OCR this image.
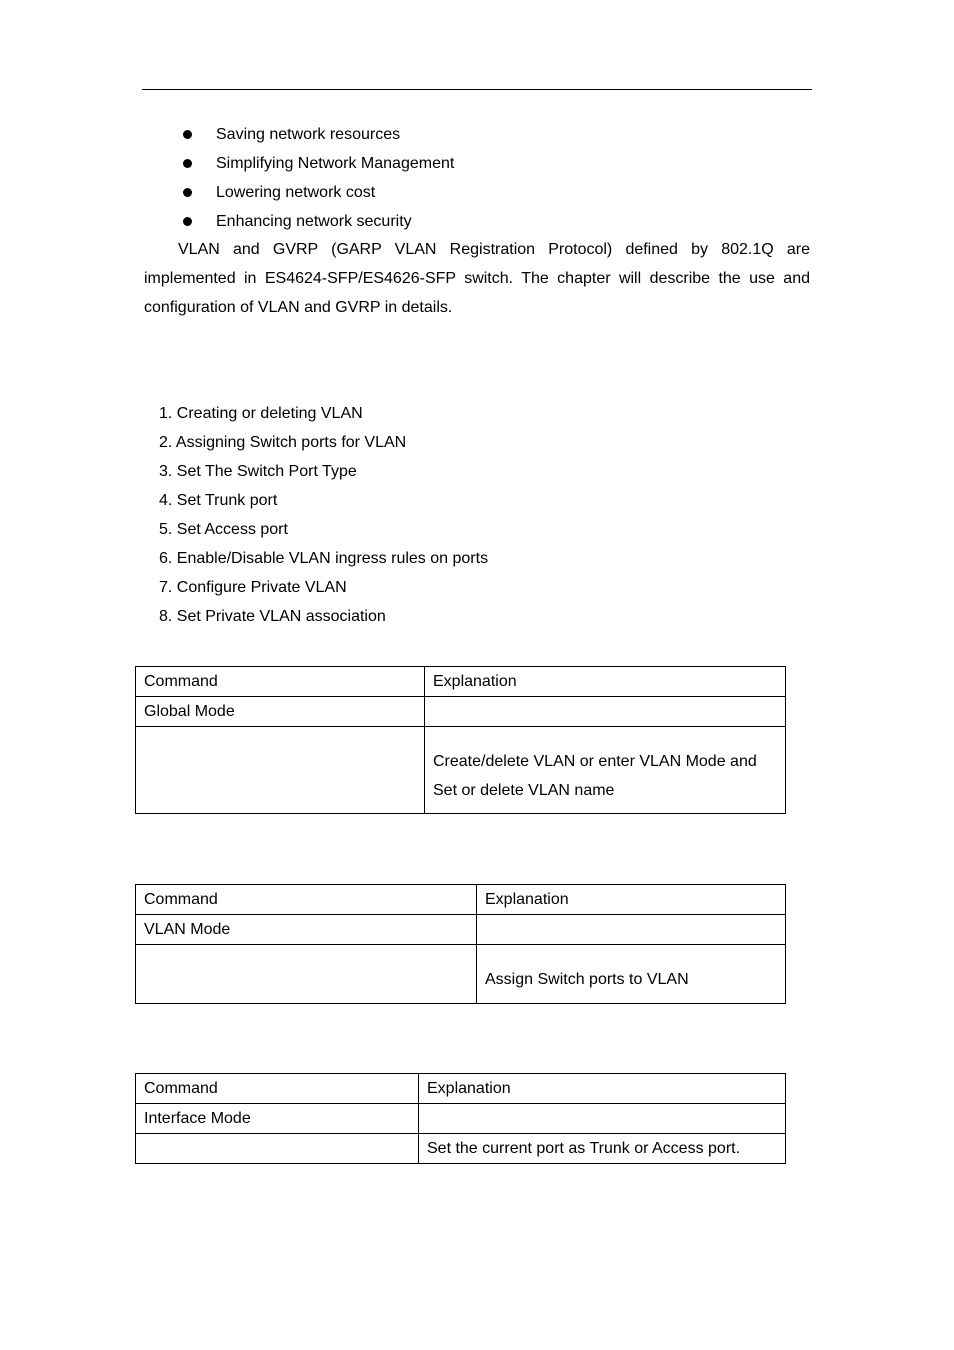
Saving network resources
Simplifying Network Management
Lowering network cost
Enhancing network security

VLAN and GVRP (GARP VLAN Registration Protocol) defined by 802.1Q are implemented in ES4624-SFP/ES4626-SFP switch. The chapter will describe the use and configuration of VLAN and GVRP in details.

1. Creating or deleting VLAN
2. Assigning Switch ports for VLAN
3. Set The Switch Port Type
4. Set Trunk port
5. Set Access port
6. Enable/Disable VLAN ingress rules on ports
7. Configure Private VLAN
8. Set Private VLAN association
Command	Explanation
Global Mode	
	Create/delete VLAN or enter VLAN Mode and Set or delete VLAN name
Command	Explanation
VLAN Mode	
	Assign Switch ports to VLAN
Command	Explanation
Interface Mode	
	Set the current port as Trunk or Access port.
